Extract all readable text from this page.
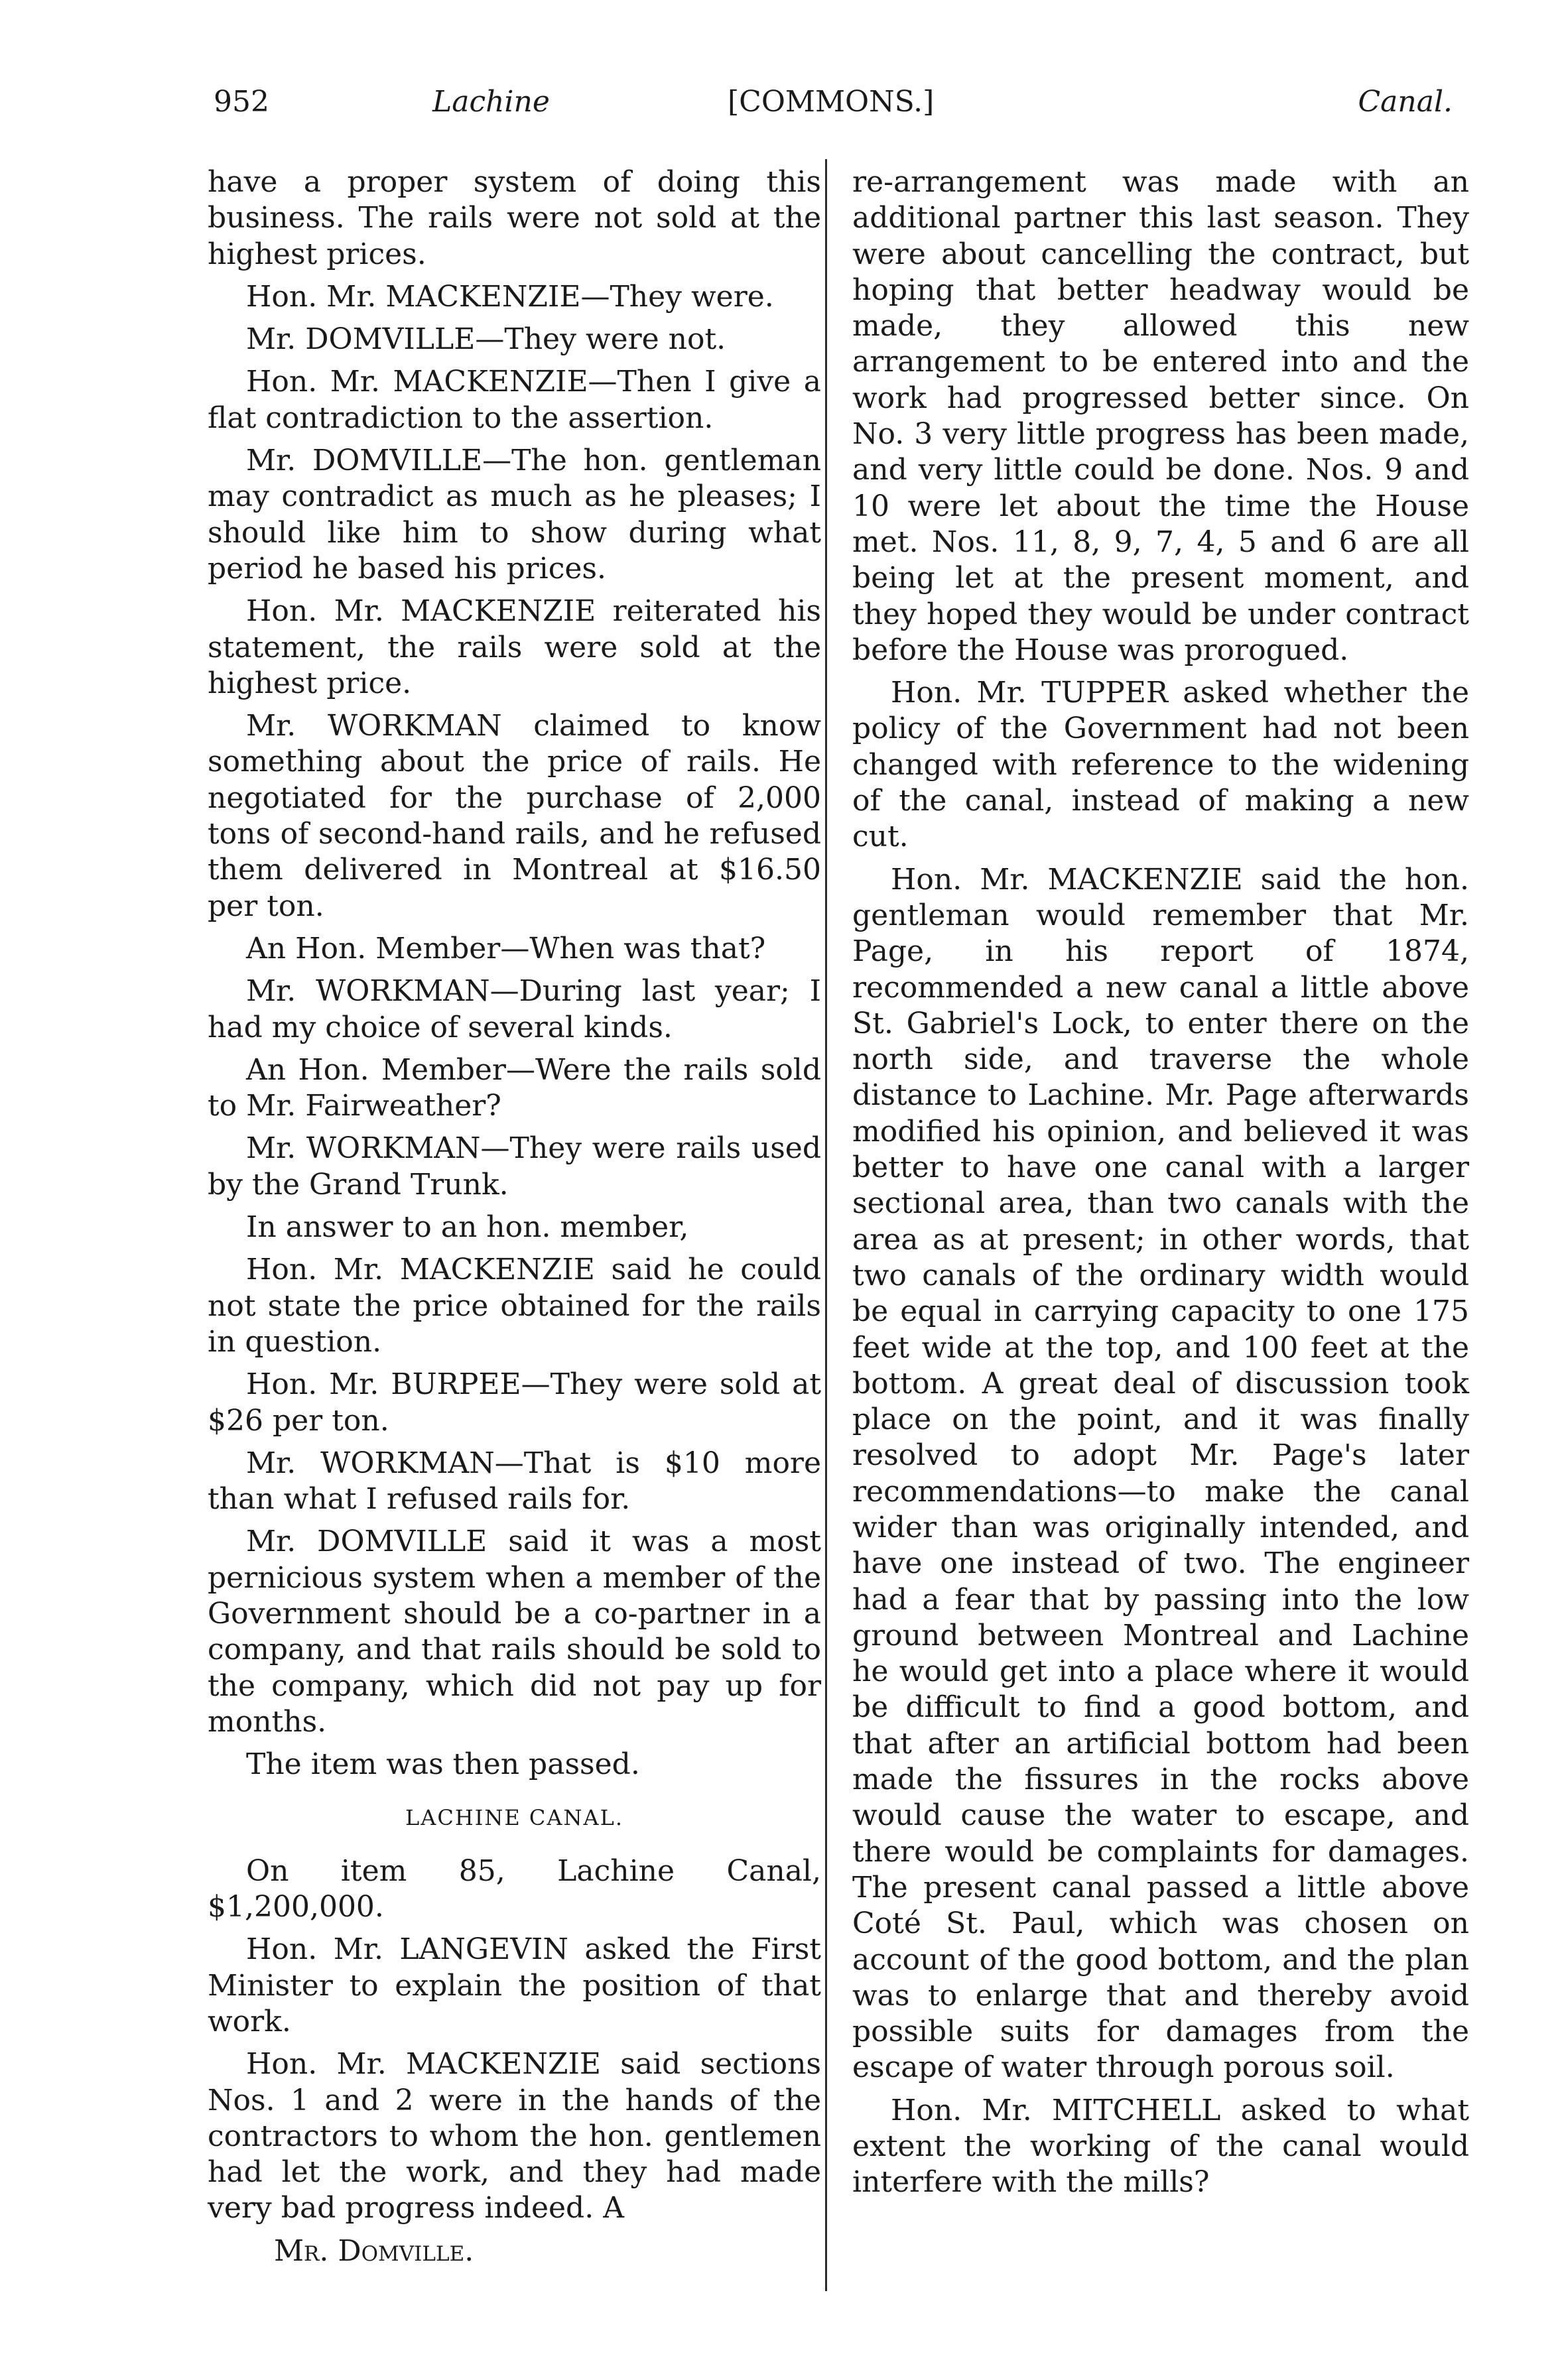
952	Lachine	[COMMONS.]	Canal.

have a proper system of doing this business. The rails were not sold at the highest prices.

Hon. Mr. MACKENZIE—They were.

Mr. DOMVILLE—They were not.

Hon. Mr. MACKENZIE—Then I give a flat contradiction to the assertion.

Mr. DOMVILLE—The hon. gentleman may contradict as much as he pleases; I should like him to show during what period he based his prices.

Hon. Mr. MACKENZIE reiterated his statement, the rails were sold at the highest price.

Mr. WORKMAN claimed to know something about the price of rails. He negotiated for the purchase of 2,000 tons of second-hand rails, and he refused them delivered in Montreal at $16.50 per ton.

An Hon. Member—When was that?

Mr. WORKMAN—During last year; I had my choice of several kinds.

An Hon. Member—Were the rails sold to Mr. Fairweather?

Mr. WORKMAN—They were rails used by the Grand Trunk.

In answer to an hon. member,

Hon. Mr. MACKENZIE said he could not state the price obtained for the rails in question.

Hon. Mr. BURPEE—They were sold at $26 per ton.

Mr. WORKMAN—That is $10 more than what I refused rails for.

Mr. DOMVILLE said it was a most pernicious system when a member of the Government should be a co-partner in a company, and that rails should be sold to the company, which did not pay up for months.

The item was then passed.

LACHINE CANAL.

On item 85, Lachine Canal, $1,200,000.

Hon. Mr. LANGEVIN asked the First Minister to explain the position of that work.

Hon. Mr. MACKENZIE said sections Nos. 1 and 2 were in the hands of the contractors to whom the hon. gentlemen had let the work, and they had made very bad progress indeed. A

Mr. Domville.

re-arrangement was made with an additional partner this last season. They were about cancelling the contract, but hoping that better headway would be made, they allowed this new arrangement to be entered into and the work had progressed better since. On No. 3 very little progress has been made, and very little could be done. Nos. 9 and 10 were let about the time the House met. Nos. 11, 8, 9, 7, 4, 5 and 6 are all being let at the present moment, and they hoped they would be under contract before the House was prorogued.

Hon. Mr. TUPPER asked whether the policy of the Government had not been changed with reference to the widening of the canal, instead of making a new cut.

Hon. Mr. MACKENZIE said the hon. gentleman would remember that Mr. Page, in his report of 1874, recommended a new canal a little above St. Gabriel's Lock, to enter there on the north side, and traverse the whole distance to Lachine. Mr. Page afterwards modified his opinion, and believed it was better to have one canal with a larger sectional area, than two canals with the area as at present; in other words, that two canals of the ordinary width would be equal in carrying capacity to one 175 feet wide at the top, and 100 feet at the bottom. A great deal of discussion took place on the point, and it was finally resolved to adopt Mr. Page's later recommendations—to make the canal wider than was originally intended, and have one instead of two. The engineer had a fear that by passing into the low ground between Montreal and Lachine he would get into a place where it would be difficult to find a good bottom, and that after an artificial bottom had been made the fissures in the rocks above would cause the water to escape, and there would be complaints for damages. The present canal passed a little above Coté St. Paul, which was chosen on account of the good bottom, and the plan was to enlarge that and thereby avoid possible suits for damages from the escape of water through porous soil.

Hon. Mr. MITCHELL asked to what extent the working of the canal would interfere with the mills?
